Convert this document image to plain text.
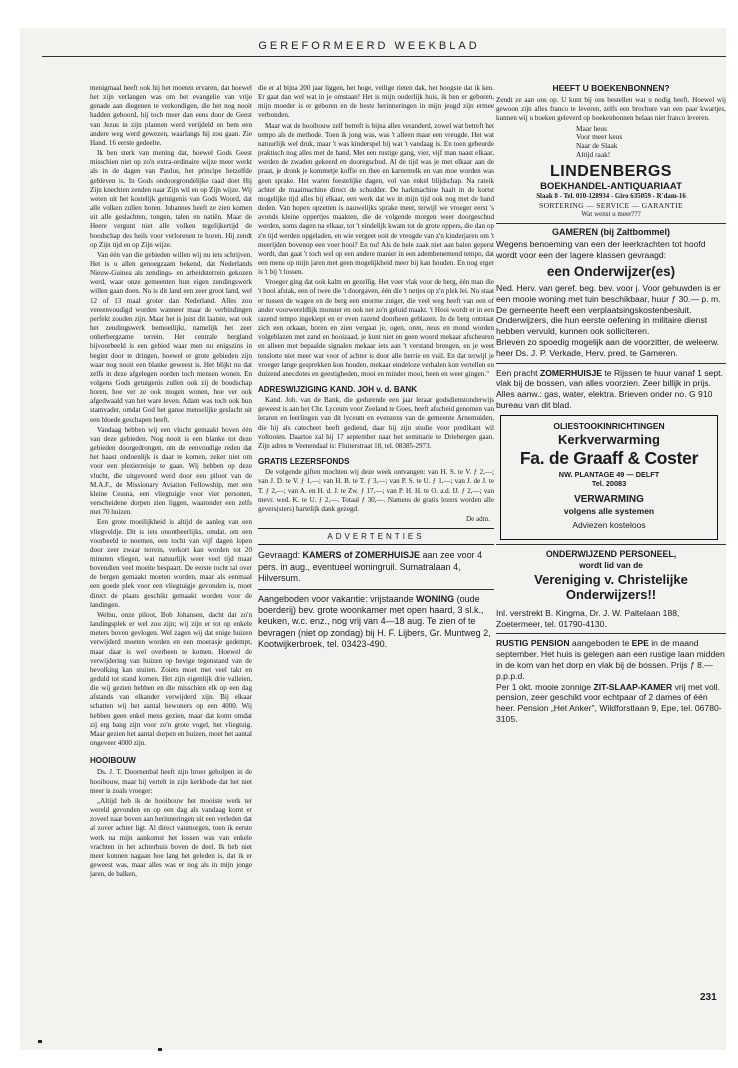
GEREFORMEERD WEEKBLAD

menigmaal heeft ook hij het moeten ervaren, dat hoewel het zijn verlangen was om het evangelie van vrije genade aan diegenen te verkondigen, die het nog nooit hadden gehoord, hij toch meer dan eens door de Geest van Jezus in zijn plannen werd verijdeld en hem een andere weg werd gewezen, waarlangs hij zou gaan. Zie Hand. 16 eerste gedeelte.

Ik ben sterk van mening dat, hoewel Gods Geest misschien niet op zo'n extra-ordinaire wijze meer werkt als in de dagen van Paulus, het principe hetzelfde gebleven is. In Gods ondoorgrondelijke raad doet Hij Zijn knechten zenden naar Zijn wil en op Zijn wijze. Wij weten uit het kostelijk getuigenis van Gods Woord, dat alle volken zullen horen. Johannes heeft ze zien komen uit alle geslachten, tongen, talen en natiën. Maar de Heere vergunt niet alle volken tegelijkertijd de boodschap des heils voor verlorenen te horen. Hij zendt op Zijn tijd en op Zijn wijze.

Van één van die gebieden willen wij nu iets schrijven. Het is u allen genoegzaam bekend, dat Nederlands Nieuw-Guinea als zendings- en arbeidsterrein gekozen werd, waar onze gemeenten hun eigen zendingswerk willen gaan doen. Nu is dit land een zeer groot land, wel 12 of 13 maal groter dan Nederland. Alles zou vereenvoudigd worden wanneer maar de verbindingen perfekt zouden zijn. Maar het is juist dit laatste, wat ook het zendingswerk bemoeilijkt, namelijk het zeer onherbergzame terrein. Het centrale bergland bijvoorbeeld is een gebied waar men nu enigszins in begint door te dringen, hoewel er grote gebieden zijn waar nog nooit een blanke geweest is. Het blijkt nu dat zelfs in deze afgelegen oorden toch mensen wonen. En volgens Gods getuigenis zullen ook zij de boodschap horen, hoe ver ze ook mogen wonen, hoe ver ook afgedwaald van het ware leven. Adam was toch ook hun stamvader, omdat God het ganse menselijke geslacht uit een bloede geschapen heeft.

Vandaag hebben wij een vlucht gemaakt boven één van deze gebieden. Nog nooit is een blanke tot deze gebieden doorgedrongen, om de eenvoudige reden dat het haast ondoenlijk is daar te komen, zeker niet om voor een plezierreisje te gaan. Wij hebben op deze vlucht, die uitgevoerd werd door een piloot van de M.A.F., de Missionary Aviation Fellowship, met een kleine Cessna, een vliegtuigje voor vier personen, verscheidene dorpen zien liggen, waaronder een zelfs met 70 huizen.

Een grote moeilijkheid is altijd de aanleg van een vliegveldje. Dit is iets onontbeerlijks, omdat, om een voorbeeld te noemen, een tocht van vijf dagen lopen door zeer zwaar terrein, verkort kan worden tot 20 minuten vliegen, wat natuurlijk weer veel tijd maar bovendien veel moeite bespaart. De eerste tocht tal over de bergen gemaakt moeten worden, maar als eenmaal een goede plek voor een vliegtuigje gevonden is, moet direct de plaats geschikt gemaakt worden voor de landingen.

Welnu, onze piloot, Bob Johansen, dacht dat zo'n landingsplek er wel zou zijn; wij zijn er tot op enkele meters boven gevlogen. Wel zagen wij dat enige huizen verwijderd moeten worden en een moerasje gedempt, maar daar is wel overheen te komen. Hoewel de verwijdering van huizen op hevige tegenstand van de bevolking kan stuiten. Zoiets moet met veel takt en geduld tot stand komen. Het zijn eigenlijk drie valleien, die wij gezien hebben en die misschien elk op een dag afstands van elkander verwijderd zijn. Bij elkaar schatten wij het aantal bewoners op een 4000. Wij hebben geen enkel mens gezien, maar dat komt omdat zij erg bang zijn voor zo'n grote vogel, het vliegtuig. Maar gezien het aantal dorpen en huizen, moet het aantal ongeveer 4000 zijn.

HOOIBOUW

Ds. J. T. Doornenbal heeft zijn broer geholpen in de hooibouw, maar hij vertelt in zijn kerkbode dat het niet meer is zoals vroeger:

„Altijd heb ik de hooibouw het mooiste werk ter wereld gevonden en op een dag als vandaag komt er zoveel naar boven aan herinneringen uit een verleden dat al zover achter ligt. Al direct vanmorgen, toen ik eerste werk na mijn aankomst het lossen was van enkele vrachten in het achterhuis boven de deel. Ik heb niet meer kunnen nagaan hoe lang het geleden is, dat ik er geweest was, maar alles was er nog als in mijn jonge jaren, de balken,

die er al bijna 200 jaar liggen, het hoge, veilige rieten dak, het hoogste dat ik ken. Er gaat dan wel wat in je omstaan! Het is mijn ouderlijk huis, ik ben er geboren, mijn moeder is er geboren en de beste herinneringen in mijn jeugd zijn ermee verbonden.

Maar wat de hooibouw zelf betreft is bijna alles veranderd, zowel wat betreft het tempo als de methode. Toen ik jong was, was 't alleen maar een vreugde. Het wat natuurlijk wel druk, maar 't was kinderspel bij wat 't vandaag is. En toen gebeurde praktisch nog alles met de hand. Met een rustige gang, vier, vijf man naast elkaar, werden de zwaden gekeerd en dooregschud. Al de tijd was je met elkaar aan de praat, je dronk je kommetje koffie en thee en karnemelk en van moe worden was geen sprake. Het waren feestelijke dagen, vol van enkel blijdschap. Na rateik achter de maaimachine direct de schudder. De harkmachine haalt in de kortst mogelijke tijd alles bij elkaar, een werk dat we in mijn tijd ook nog met de hand deden. Van hopen opzetten is nauwelijks sprake meer, terwijl we vroeger eerst 's avonds kleine oppertjes maakten, die de volgende morgen weer doorgeschud werden, soms dagen na elkaar, tot 't eindelijk kwam tot de grote oppers, die dan op z'n tijd werden opgeladen, en wie vergeet ooit de vreugde van z'n kinderjaren om 't meerijden bovenop een voer hooi? En nu! Als de hele zaak niet aan balen geperst wordt, dan gaat 't toch wel op een andere manier in een adembenemend tempo, dat een mens op mijn jaren met geen mogelijkheid meer bij kan houden. En nog erger is 't bij 't lossen.

Vroeger ging dat ook kalm en gezellig. Het voer vlak voor de berg, één man die 't hooi afstak, een of twee die 't doorgaven, één die 't netjes op z'n plek lei. Nu staat er tussen de wagen en de berg een enorme zuiger, die veel weg heeft van een of ander voorwereldlijk monster en ook net zo'n geluid maakt. 't Hooi wordt er in een razend tempo ingekiept en er even razend doorheen geblazen. In de berg ontstaat zich een orkaan, boren en zien vergaat je, ogen, oren, neus en mond worden volgeblazen met zand en hooizaad, je kunt niet en geen woord mekaar afscheuren en alleen met bepaalde signalen mekaar iets aan 't verstand brengen, en je weet tenslotte niet meer wat voor of achter is door alle herrie en vuil. En dat terwijl je vroeger lange gesprekken kon houden, mekaar eindeloze verhalen kon vertellen en duizend anecdotes en geestigheden, mooi en minder mooi, heen en weer gingen."

ADRESWIJZIGING KAND. JOH v. d. BANK

Kand. Joh. van de Bank, die gedurende een jaar leraar godsdienstonderwijs geweest is aan het Chr. Lyceum voor Zeeland te Goes, heeft afscheid genomen van leraren en leerlingen van dit lyceum en evenzens van de gemeente Arnemuiden, die hij als catecheet heeft gediend, daar hij zijn studie voor predikant wil voltooien. Daartoe zal hij 17 september naar het seminarie te Driebergen gaan. Zijn adres te Veenendaal is: Fluiterstraat 18, tel. 08385-2973.

GRATIS LEZERSFONDS

De volgende giften mochten wij deze week ontvangen: van H. S. te V. ƒ 2,—; van J. D. te V. ƒ 1,—; van H. B. te T. ƒ 3,—; van P. S. te U. ƒ 1,—; van J. de J. te T. ƒ 2,—; van A. en H. d. J. te Zw. ƒ 17,—; van P. H. H. te O. a.d. IJ. ƒ 2,—; van mevr. wed. K. te U. ƒ 2,—. Totaal ƒ 30,—. Namens de gratis lezers worden alle gevers(sters) hartelijk dank gezegd.

De adm.
ADVERTENTIES
Gevraagd: KAMERS of ZOMERHUISJE aan zee voor 4 pers. in aug., eventueel woningruil. Sumatralaan 4, Hilversum.
Aangeboden voor vakantie: vrijstaande WONING (oude boerderij) bev. grote woonkamer met open haard, 3 sl.k., keuken, w.c. enz., nog vrij van 4—18 aug. Te zien of te bevragen (niet op zondag) bij H. F. Lijbers, Gr. Muntweg 2, Kootwijkerbroek, tel. 03423-490.
HEEFT U BOEKENBONNEN?

Zendt ze aan ons op. U kunt bij ons bestellen wat u nodig heeft. Hoewel wij gewoon zijn alles franco te leveren, zelfs een brochure van een paar kwartjes, kunnen wij u boeken geleverd op boekenbonnen helaas niet franco leveren.

Maar heus
Voor meer keus
Naar de Slaak
Altijd raak!
LINDENBERGS
BOEKHANDEL-ANTIQUARIAAT
Slaak 8 - Tel. 010-128934 - Giro 635059 - R'dam-16
SORTERING — SERVICE — GARANTIE
Wat wenst u meer???
GAMEREN (bij Zaltbommel)
Wegens benoeming van een der leerkrachten tot hoofd wordt voor een der lagere klassen gevraagd:
een Onderwijzer(es)
Ned. Herv. van geref. beg. bev. voor j. Voor gehuwden is er een mooie woning met tuin beschikbaar, huur ƒ 30.— p. m. De gemeente heeft een verplaatsingskostenbesluit.
Onderwijzers, die hun eerste oefening in militaire dienst hebben vervuld, kunnen ook solliciteren.
Brieven zo spoedig mogelijk aan de voorzitter, de weleerw. heer Ds. J. P. Verkade, Herv. pred. te Gameren.
Een pracht ZOMERHUISJE te Rijssen te huur vanaf 1 sept. vlak bij de bossen, van alles voorzien. Zeer billijk in prijs. Alles aanw.: gas, water, elektra. Brieven onder no. G 910 bureau van dit blad.
OLIESTOOKINRICHTINGEN
Kerkverwarming
Fa. de Graaff & Coster
NW. PLANTAGE 49 — DELFT
Tel. 20083
VERWARMING
volgens alle systemen
Adviezen kosteloos
ONDERWIJZEND PERSONEEL,
wordt lid van de
Vereniging v. Christelijke Onderwijzers!!
Inl. verstrekt B. Kingma, Dr. J. W. Paltelaan 188, Zoetermeer, tel. 01790-4130.
RUSTIG PENSION aangeboden te EPE in de maand september. Het huis is gelegen aan een rustige laan midden in de kom van het dorp en vlak bij de bossen. Prijs ƒ 8.— p.p.p.d.
Per 1 okt. mooie zonnige ZIT-SLAAP-KAMER vrij met voll. pension, zeer geschikt voor echtpaar of 2 dames of één heer. Pension „Het Anker", Wildforstlaan 9, Epe, tel. 06780-3105.
231
